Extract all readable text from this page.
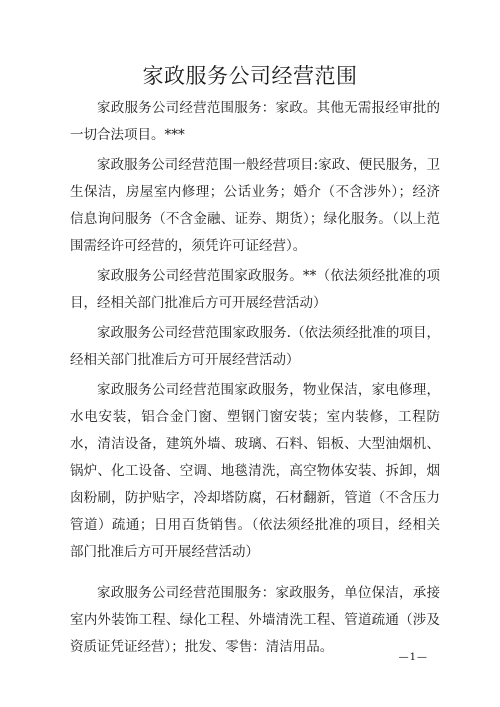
家政服务公司经营范围

家政服务公司经营范围服务：家政。其他无需报经审批的一切合法项目。***

家政服务公司经营范围一般经营项目:家政、便民服务，卫生保洁，房屋室内修理；公话业务；婚介（不含涉外）；经济信息询问服务（不含金融、证券、期货）；绿化服务。（以上范围需经许可经营的，须凭许可证经营）。

家政服务公司经营范围家政服务。**（依法须经批准的项目，经相关部门批准后方可开展经营活动）

家政服务公司经营范围家政服务.（依法须经批准的项目，经相关部门批准后方可开展经营活动）

家政服务公司经营范围家政服务，物业保洁，家电修理，水电安装，铝合金门窗、塑钢门窗安装；室内装修，工程防水，清洁设备，建筑外墙、玻璃、石料、铝板、大型油烟机、锅炉、化工设备、空调、地毯清洗，高空物体安装、拆卸，烟囱粉刷，防护贴字，冷却塔防腐，石材翻新，管道（不含压力管道）疏通；日用百货销售。（依法须经批准的项目，经相关部门批准后方可开展经营活动）

家政服务公司经营范围服务：家政服务，单位保洁，承接室内外装饰工程、绿化工程、外墙清洗工程、管道疏通（涉及资质证凭证经营）；批发、零售：清洁用品。

—1—
